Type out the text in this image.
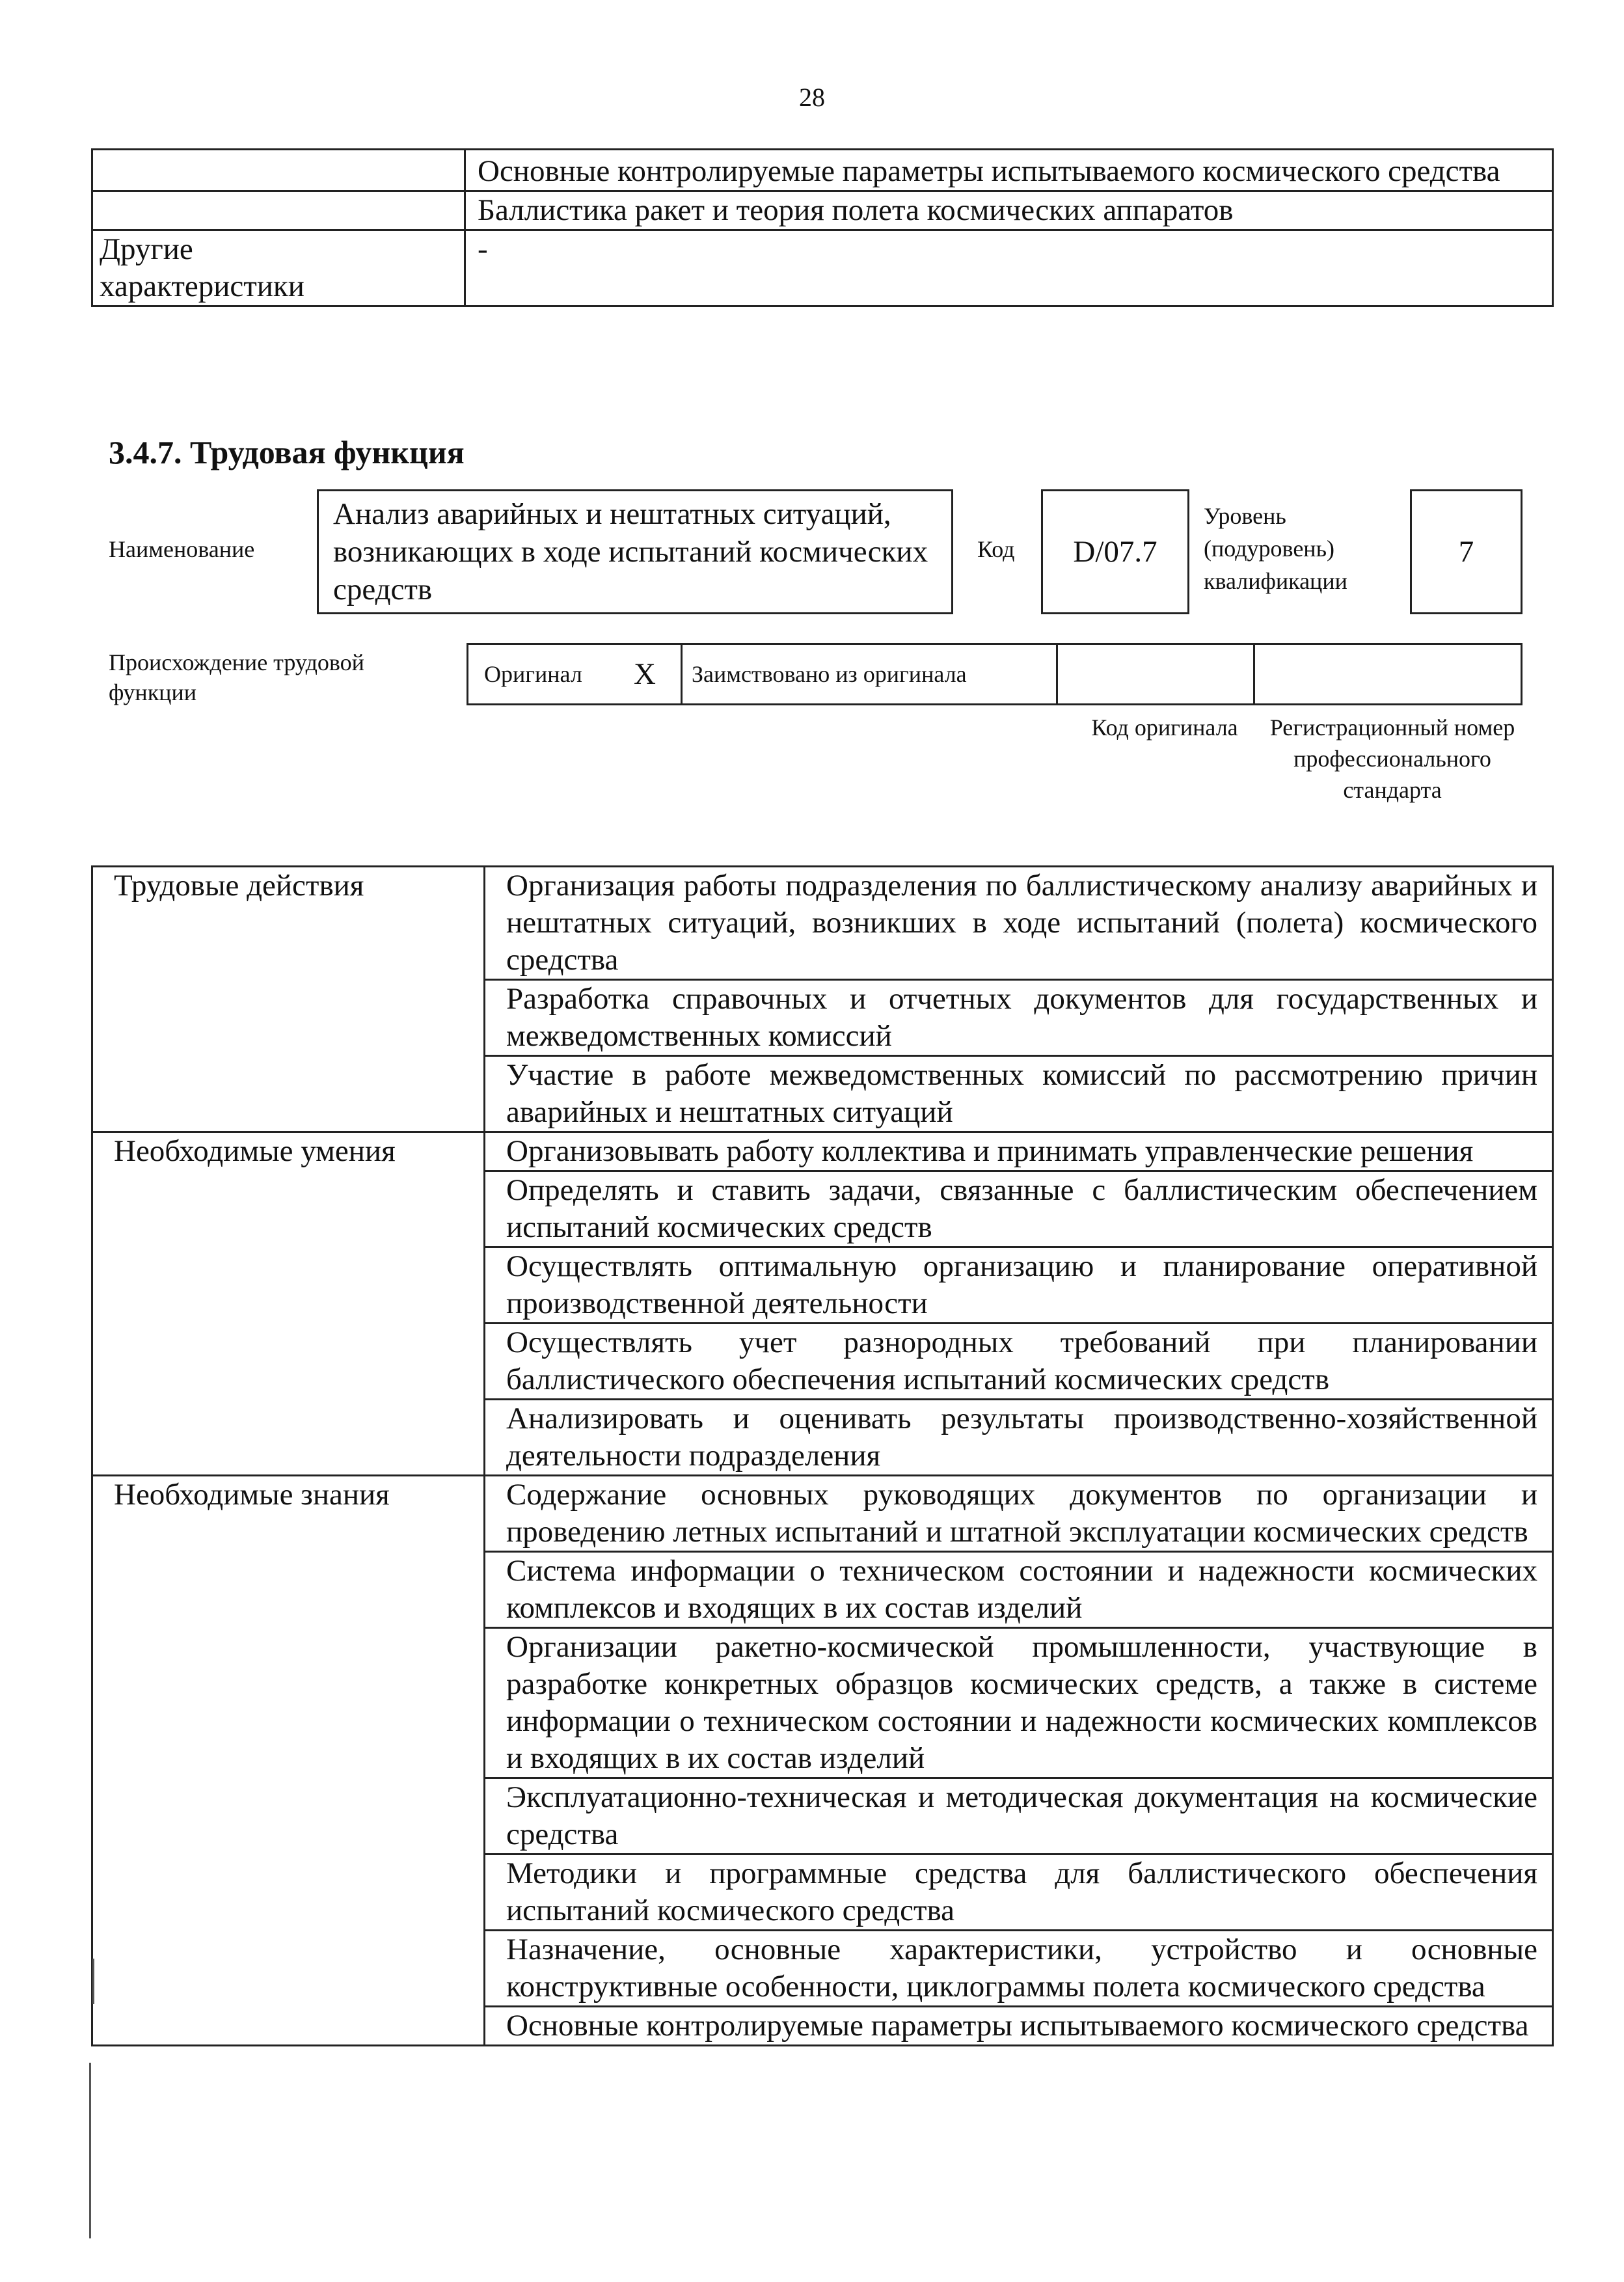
28

	Основные контролируемые параметры испытываемого космического средства

	Баллистика ракет и теория полета космических аппаратов

Другие характеристики	-
3.4.7. Трудовая функция
Наименование
Анализ аварийных и нештатных ситуаций, возникающих в ходе испытаний космических средств
Код	D/07.7
Уровень
(подуровень)
квалификации
7
Происхождение трудовой функции
Оригинал	X	Заимствовано из оригинала		
Код оригинала	Регистрационный номер профессионального стандарта
Трудовые действия	Организация работы подразделения по баллистическому анализу аварийных и нештатных ситуаций, возникших в ходе испытаний (полета) космического средства

	Разработка справочных и отчетных документов для государственных и межведомственных комиссий

	Участие в работе межведомственных комиссий по рассмотрению причин аварийных и нештатных ситуаций

Необходимые умения	Организовывать работу коллектива и принимать управленческие решения

	Определять и ставить задачи, связанные с баллистическим обеспечением испытаний космических средств

	Осуществлять оптимальную организацию и планирование оперативной производственной деятельности

	Осуществлять учет разнородных требований при планировании баллистического обеспечения испытаний космических средств

	Анализировать и оценивать результаты производственно-хозяйственной деятельности подразделения

Необходимые знания	Содержание основных руководящих документов по организации и проведению летных испытаний и штатной эксплуатации космических средств

	Система информации о техническом состоянии и надежности космических комплексов и входящих в их состав изделий

	Организации ракетно-космической промышленности, участвующие в разработке конкретных образцов космических средств, а также в системе информации о техническом состоянии и надежности космических комплексов и входящих в их состав изделий

	Эксплуатационно-техническая и методическая документация на космические средства

	Методики и программные средства для баллистического обеспечения испытаний космического средства

	Назначение, основные характеристики, устройство и основные конструктивные особенности, циклограммы полета космического средства

	Основные контролируемые параметры испытываемого космического средства
